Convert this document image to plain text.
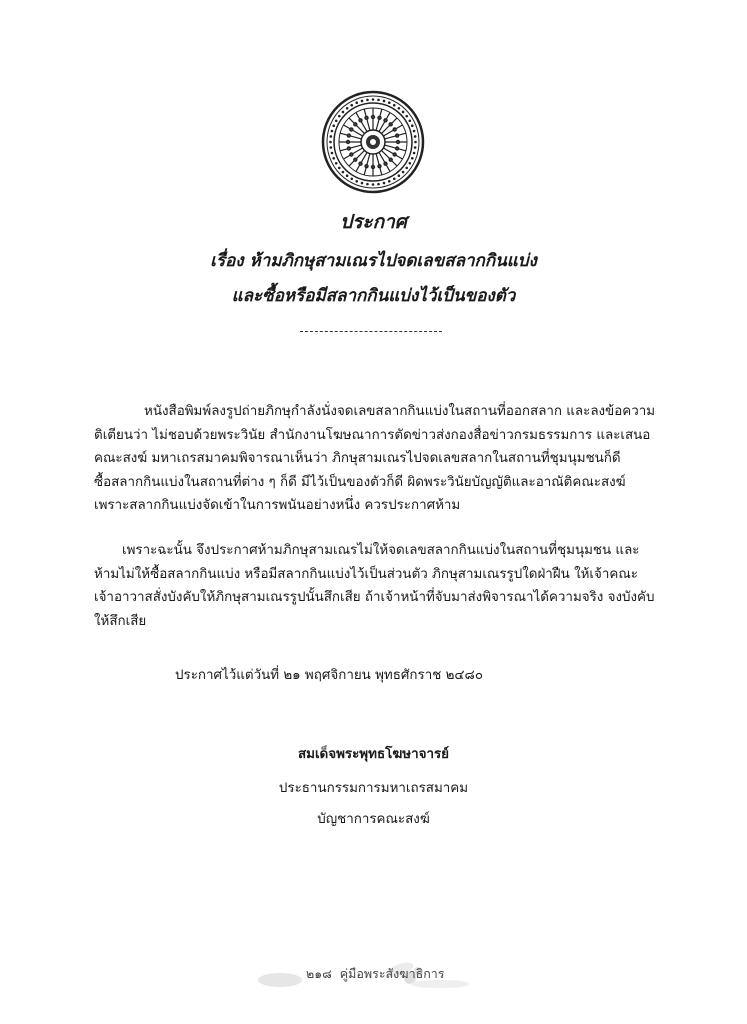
ประกาศ
เรื่อง ห้ามภิกษุสามเณรไปจดเลขสลากกินแบ่ง
และซื้อหรือมีสลากกินแบ่งไว้เป็นของตัว
หนังสือพิมพ์ลงรูปถ่ายภิกษุกำลังนั่งจดเลขสลากกินแบ่งในสถานที่ออกสลาก และลงข้อความ
ติเตียนว่า ไม่ชอบด้วยพระวินัย สำนักงานโฆษณาการตัดข่าวส่งกองสื่อข่าวกรมธรรมการ และเสนอ
คณะสงฆ์ มหาเถรสมาคมพิจารณาเห็นว่า ภิกษุสามเณรไปจดเลขสลากในสถานที่ชุมนุมชนก็ดี
ซื้อสลากกินแบ่งในสถานที่ต่าง ๆ ก็ดี มีไว้เป็นของตัวก็ดี ผิดพระวินัยบัญญัติและอาณัติคณะสงฆ์
เพราะสลากกินแบ่งจัดเข้าในการพนันอย่างหนึ่ง ควรประกาศห้าม
เพราะฉะนั้น จึงประกาศห้ามภิกษุสามเณรไม่ให้จดเลขสลากกินแบ่งในสถานที่ชุมนุมชน และ
ห้ามไม่ให้ซื้อสลากกินแบ่ง หรือมีสลากกินแบ่งไว้เป็นส่วนตัว ภิกษุสามเณรรูปใดฝ่าฝืน ให้เจ้าคณะ
เจ้าอาวาสสั่งบังคับให้ภิกษุสามเณรรูปนั้นสึกเสีย ถ้าเจ้าหน้าที่จับมาส่งพิจารณาได้ความจริง จงบังคับ
ให้สึกเสีย
ประกาศไว้แต่วันที่ ๒๑ พฤศจิกายน พุทธศักราช ๒๔๘๐
สมเด็จพระพุทธโฆษาจารย์
ประธานกรรมการมหาเถรสมาคม
บัญชาการคณะสงฆ์
๒๑๘ คู่มือพระสังฆาธิการ
